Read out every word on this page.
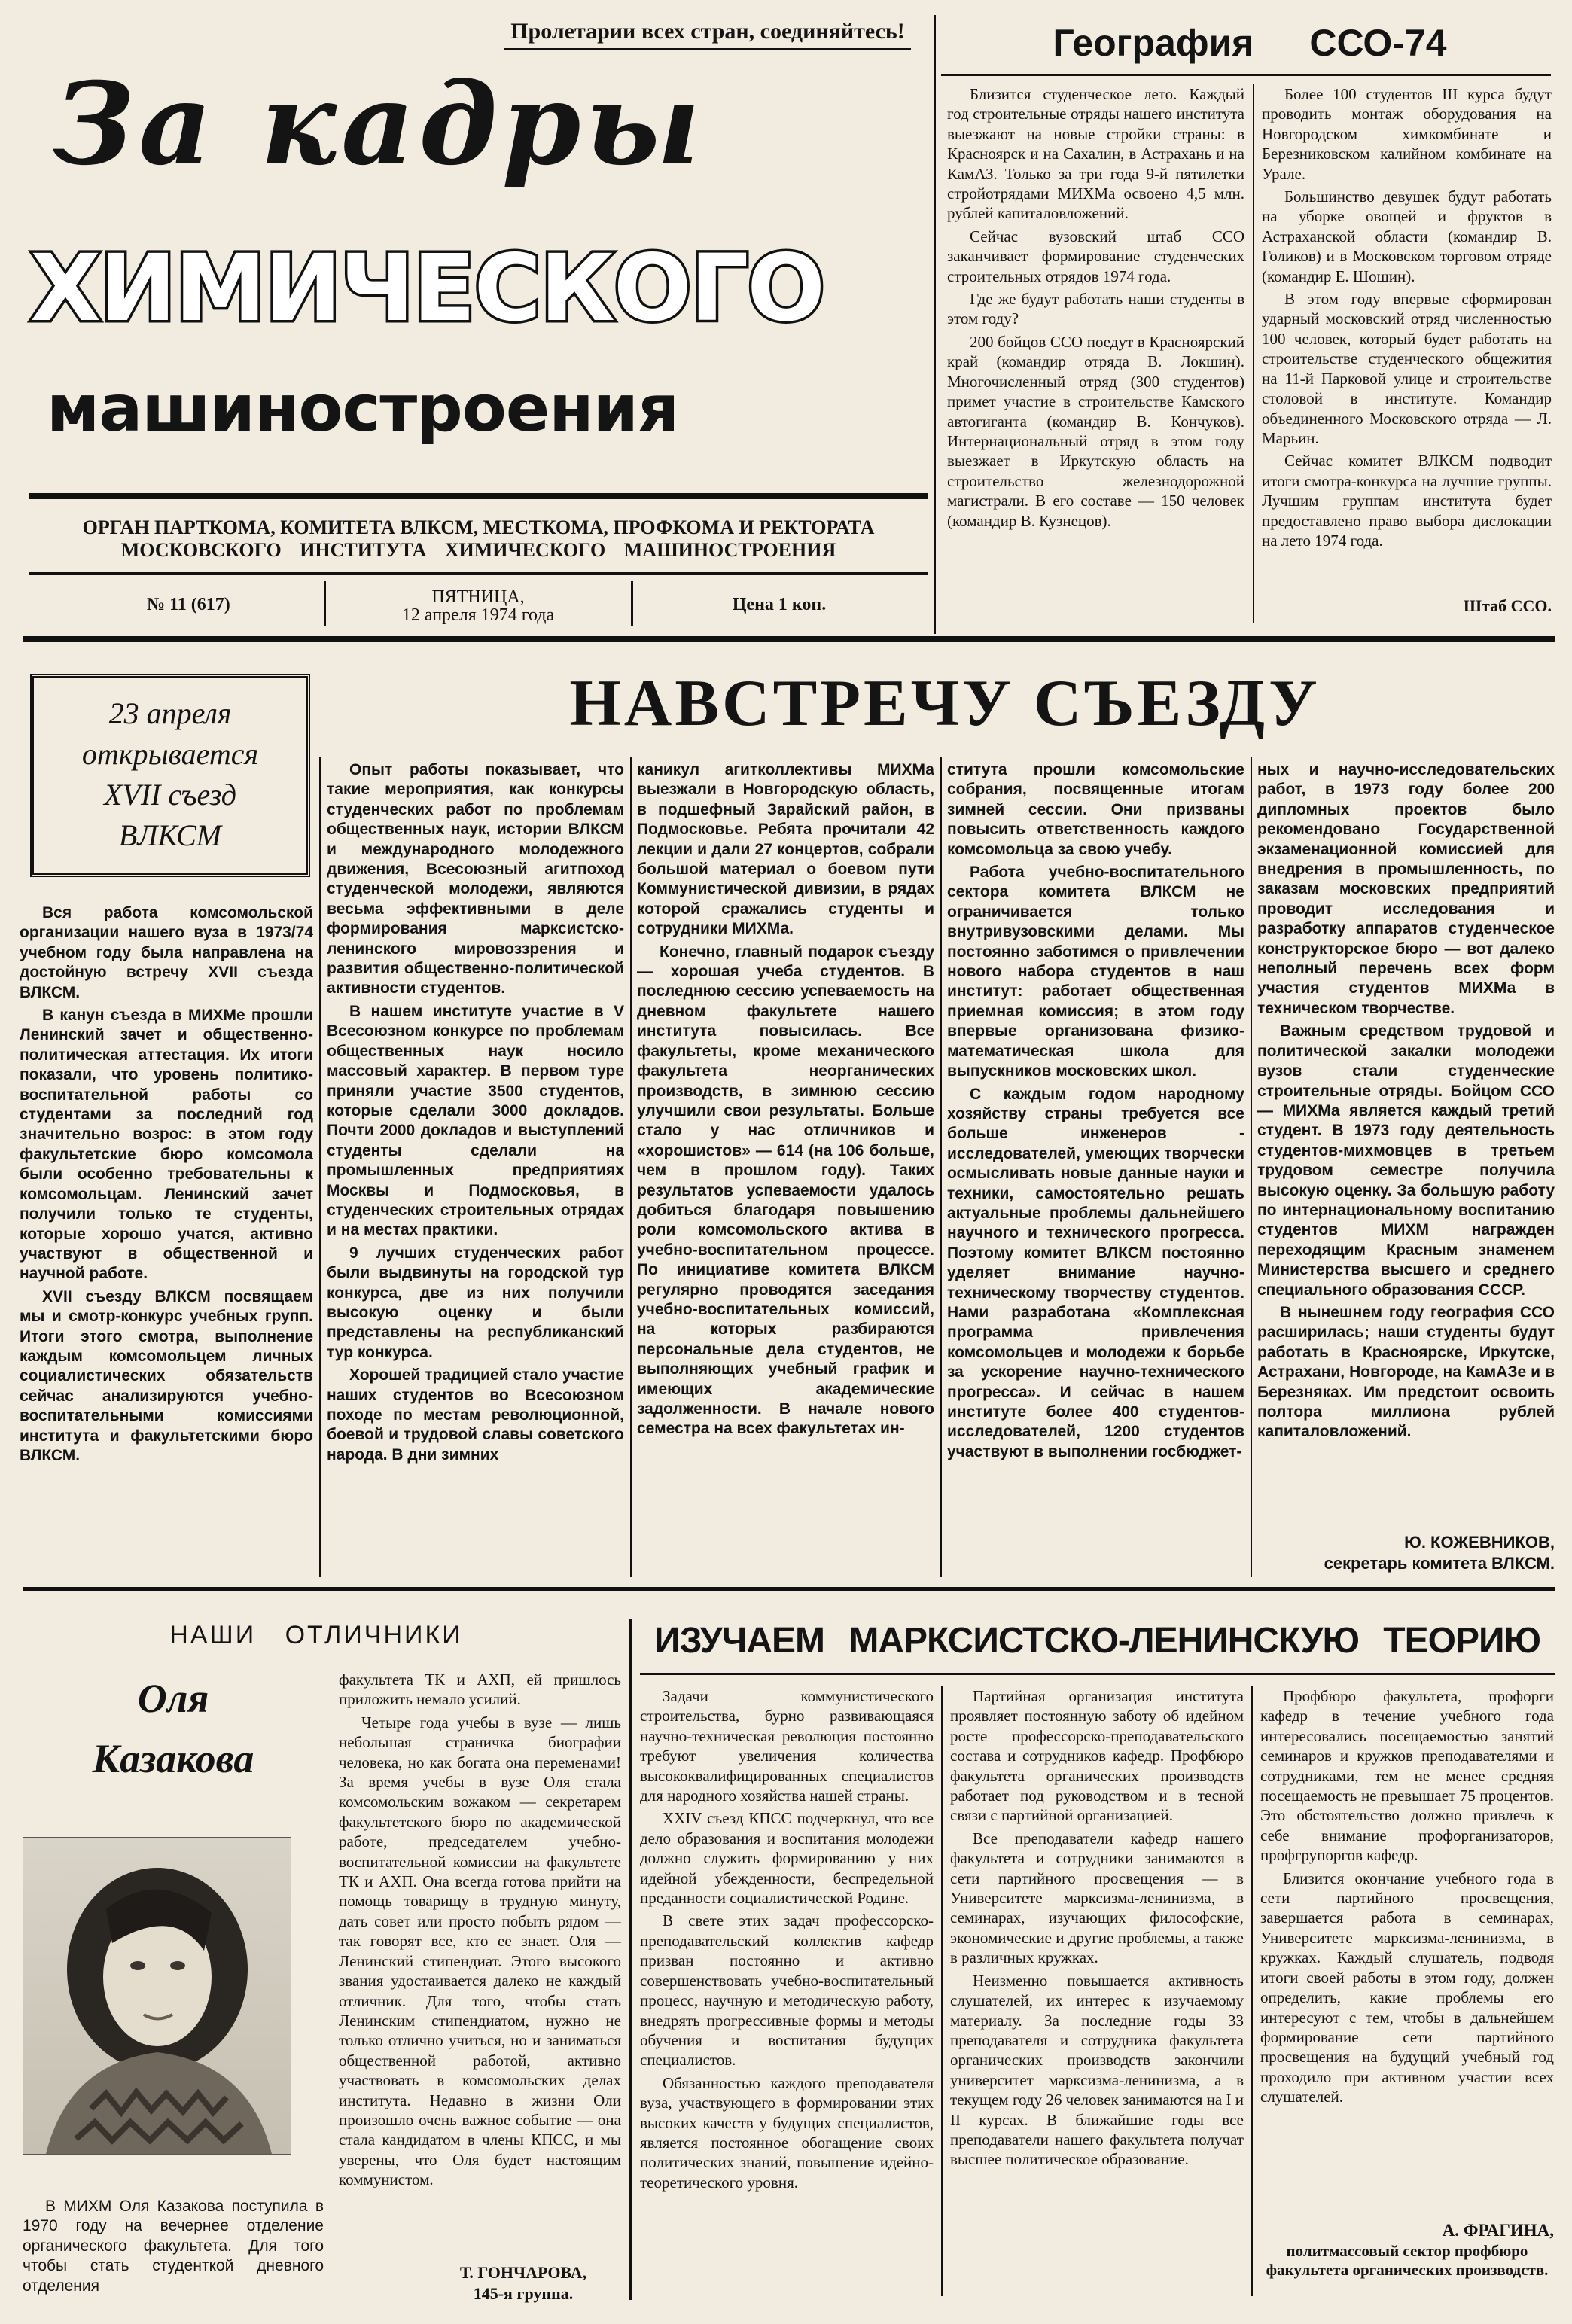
Пролетарии всех стран, соединяйтесь!
За кадры
ХИМИЧЕСКОГО
машиностроения
ОРГАН ПАРТКОМА, КОМИТЕТА ВЛКСМ, МЕСТКОМА, ПРОФКОМА И РЕКТОРАТА
МОСКОВСКОГО ИНСТИТУТА ХИМИЧЕСКОГО МАШИНОСТРОЕНИЯ
№ 11 (617)	ПЯТНИЦА,
12 апреля 1974 года
Цена 1 коп.
География ССО-74

Близится студенческое лето. Каждый год строительные отряды нашего института выезжают на новые стройки страны: в Красноярск и на Сахалин, в Астрахань и на КамАЗ. Только за три года 9-й пятилетки стройотрядами МИХМа освоено 4,5 млн. рублей капиталовложений.

Сейчас вузовский штаб ССО заканчивает формирование студенческих строительных отрядов 1974 года.

Где же будут работать наши студенты в этом году?

200 бойцов ССО поедут в Красноярский край (командир отряда В. Локшин). Многочисленный отряд (300 студентов) примет участие в строительстве Камского автогиганта (командир В. Кончуков). Интернациональный отряд в этом году выезжает в Иркутскую область на строительство железнодорожной магистрали. В его составе — 150 человек (командир В. Кузнецов).

Более 100 студентов III курса будут проводить монтаж оборудования на Новгородском химкомбинате и Березниковском калийном комбинате на Урале.

Большинство девушек будут работать на уборке овощей и фруктов в Астраханской области (командир В. Голиков) и в Московском торговом отряде (командир Е. Шошин).

В этом году впервые сформирован ударный московский отряд численностью 100 человек, который будет работать на строительстве студенческого общежития на 11-й Парковой улице и строительстве столовой в институте. Командир объединенного Московского отряда — Л. Марьин.

Сейчас комитет ВЛКСМ подводит итоги смотра-конкурса на лучшие группы. Лучшим группам института будет предоставлено право выбора дислокации на лето 1974 года.

Штаб ССО.
23 апреля
открывается
XVII съезд
ВЛКСМ
НАВСТРЕЧУ СЪЕЗДУ

Вся работа комсомольской организации нашего вуза в 1973/74 учебном году была направлена на достойную встречу XVII съезда ВЛКСМ.

В канун съезда в МИХМе прошли Ленинский зачет и общественно-политическая аттестация. Их итоги показали, что уровень политико-воспитательной работы со студентами за последний год значительно возрос: в этом году факультетские бюро комсомола были особенно требовательны к комсомольцам. Ленинский зачет получили только те студенты, которые хорошо учатся, активно участвуют в общественной и научной работе.

XVII съезду ВЛКСМ посвящаем мы и смотр-конкурс учебных групп. Итоги этого смотра, выполнение каждым комсомольцем личных социалистических обязательств сейчас анализируются учебно-воспитательными комиссиями института и факультетскими бюро ВЛКСМ.

Опыт работы показывает, что такие мероприятия, как конкурсы студенческих работ по проблемам общественных наук, истории ВЛКСМ и международного молодежного движения, Всесоюзный агитпоход студенческой молодежи, являются весьма эффективными в деле формирования марксистско-ленинского мировоззрения и развития общественно-политической активности студентов.

В нашем институте участие в V Всесоюзном конкурсе по проблемам общественных наук носило массовый характер. В первом туре приняли участие 3500 студентов, которые сделали 3000 докладов. Почти 2000 докладов и выступлений студенты сделали на промышленных предприятиях Москвы и Подмосковья, в студенческих строительных отрядах и на местах практики.

9 лучших студенческих работ были выдвинуты на городской тур конкурса, две из них получили высокую оценку и были представлены на республиканский тур конкурса.

Хорошей традицией стало участие наших студентов во Всесоюзном походе по местам революционной, боевой и трудовой славы советского народа. В дни зимних

каникул агитколлективы МИХМа выезжали в Новгородскую область, в подшефный Зарайский район, в Подмосковье. Ребята прочитали 42 лекции и дали 27 концертов, собрали большой материал о боевом пути Коммунистической дивизии, в рядах которой сражались студенты и сотрудники МИХМа.

Конечно, главный подарок съезду — хорошая учеба студентов. В последнюю сессию успеваемость на дневном факультете нашего института повысилась. Все факультеты, кроме механического факультета неорганических производств, в зимнюю сессию улучшили свои результаты. Больше стало у нас отличников и «хорошистов» — 614 (на 106 больше, чем в прошлом году). Таких результатов успеваемости удалось добиться благодаря повышению роли комсомольского актива в учебно-воспитательном процессе. По инициативе комитета ВЛКСМ регулярно проводятся заседания учебно-воспитательных комиссий, на которых разбираются персональные дела студентов, не выполняющих учебный график и имеющих академические задолженности. В начале нового семестра на всех факультетах ин-

ститута прошли комсомольские собрания, посвященные итогам зимней сессии. Они призваны повысить ответственность каждого комсомольца за свою учебу.

Работа учебно-воспитательного сектора комитета ВЛКСМ не ограничивается только внутривузовскими делами. Мы постоянно заботимся о привлечении нового набора студентов в наш институт: работает общественная приемная комиссия; в этом году впервые организована физико-математическая школа для выпускников московских школ.

С каждым годом народному хозяйству страны требуется все больше инженеров - исследователей, умеющих творчески осмысливать новые данные науки и техники, самостоятельно решать актуальные проблемы дальнейшего научного и технического прогресса. Поэтому комитет ВЛКСМ постоянно уделяет внимание научно-техническому творчеству студентов. Нами разработана «Комплексная программа привлечения комсомольцев и молодежи к борьбе за ускорение научно-технического прогресса». И сейчас в нашем институте более 400 студентов-исследователей, 1200 студентов участвуют в выполнении госбюджет-

ных и научно-исследовательских работ, в 1973 году более 200 дипломных проектов было рекомендовано Государственной экзаменационной комиссией для внедрения в промышленность, по заказам московских предприятий проводит исследования и разработку аппаратов студенческое конструкторское бюро — вот далеко неполный перечень всех форм участия студентов МИХМа в техническом творчестве.

Важным средством трудовой и политической закалки молодежи вузов стали студенческие строительные отряды. Бойцом ССО — МИХМа является каждый третий студент. В 1973 году деятельность студентов-михмовцев в третьем трудовом семестре получила высокую оценку. За большую работу по интернациональному воспитанию студентов МИХМ награжден переходящим Красным знаменем Министерства высшего и среднего специального образования СССР.

В нынешнем году география ССО расширилась; наши студенты будут работать в Красноярске, Иркутске, Астрахани, Новгороде, на КамАЗе и в Березняках. Им предстоит освоить полтора миллиона рублей капиталовложений.

Ю. КОЖЕВНИКОВ,
секретарь комитета ВЛКСМ.
НАШИ ОТЛИЧНИКИ
Оля
Казакова

В МИХМ Оля Казакова поступила в 1970 году на вечернее отделение органического факультета. Для того чтобы стать студенткой дневного отделения

факультета ТК и АХП, ей пришлось приложить немало усилий.

Четыре года учебы в вузе — лишь небольшая страничка биографии человека, но как богата она переменами! За время учебы в вузе Оля стала комсомольским вожаком — секретарем факультетского бюро по академической работе, председателем учебно-воспитательной комиссии на факультете ТК и АХП. Она всегда готова прийти на помощь товарищу в трудную минуту, дать совет или просто побыть рядом — так говорят все, кто ее знает. Оля — Ленинский стипендиат. Этого высокого звания удостаивается далеко не каждый отличник. Для того, чтобы стать Ленинским стипендиатом, нужно не только отлично учиться, но и заниматься общественной работой, активно участвовать в комсомольских делах института. Недавно в жизни Оли произошло очень важное событие — она стала кандидатом в члены КПСС, и мы уверены, что Оля будет настоящим коммунистом.

Т. ГОНЧАРОВА,
145-я группа.
ИЗУЧАЕМ МАРКСИСТСКО-ЛЕНИНСКУЮ ТЕОРИЮ

Задачи коммунистического строительства, бурно развивающаяся научно-техническая революция постоянно требуют увеличения количества высококвалифицированных специалистов для народного хозяйства нашей страны.

XXIV съезд КПСС подчеркнул, что все дело образования и воспитания молодежи должно служить формированию у них идейной убежденности, беспредельной преданности социалистической Родине.

В свете этих задач профессорско-преподавательский коллектив кафедр призван постоянно и активно совершенствовать учебно-воспитательный процесс, научную и методическую работу, внедрять прогрессивные формы и методы обучения и воспитания будущих специалистов.

Обязанностью каждого преподавателя вуза, участвующего в формировании этих высоких качеств у будущих специалистов, является постоянное обогащение своих политических знаний, повышение идейно-теоретического уровня.

Партийная организация института проявляет постоянную заботу об идейном росте профессорско-преподавательского состава и сотрудников кафедр. Профбюро факультета органических производств работает под руководством и в тесной связи с партийной организацией.

Все преподаватели кафедр нашего факультета и сотрудники занимаются в сети партийного просвещения — в Университете марксизма-ленинизма, в семинарах, изучающих философские, экономические и другие проблемы, а также в различных кружках.

Неизменно повышается активность слушателей, их интерес к изучаемому материалу. За последние годы 33 преподавателя и сотрудника факультета органических производств закончили университет марксизма-ленинизма, а в текущем году 26 человек занимаются на I и II курсах. В ближайшие годы все преподаватели нашего факультета получат высшее политическое образование.

Профбюро факультета, профорги кафедр в течение учебного года интересовались посещаемостью занятий семинаров и кружков преподавателями и сотрудниками, тем не менее средняя посещаемость не превышает 75 процентов. Это обстоятельство должно привлечь к себе внимание профорганизаторов, профгрупоргов кафедр.

Близится окончание учебного года в сети партийного просвещения, завершается работа в семинарах, Университете марксизма-ленинизма, в кружках. Каждый слушатель, подводя итоги своей работы в этом году, должен определить, какие проблемы его интересуют с тем, чтобы в дальнейшем формирование сети партийного просвещения на будущий учебный год проходило при активном участии всех слушателей.

А. ФРАГИНА,
политмассовый сектор профбюро факультета органических производств.
